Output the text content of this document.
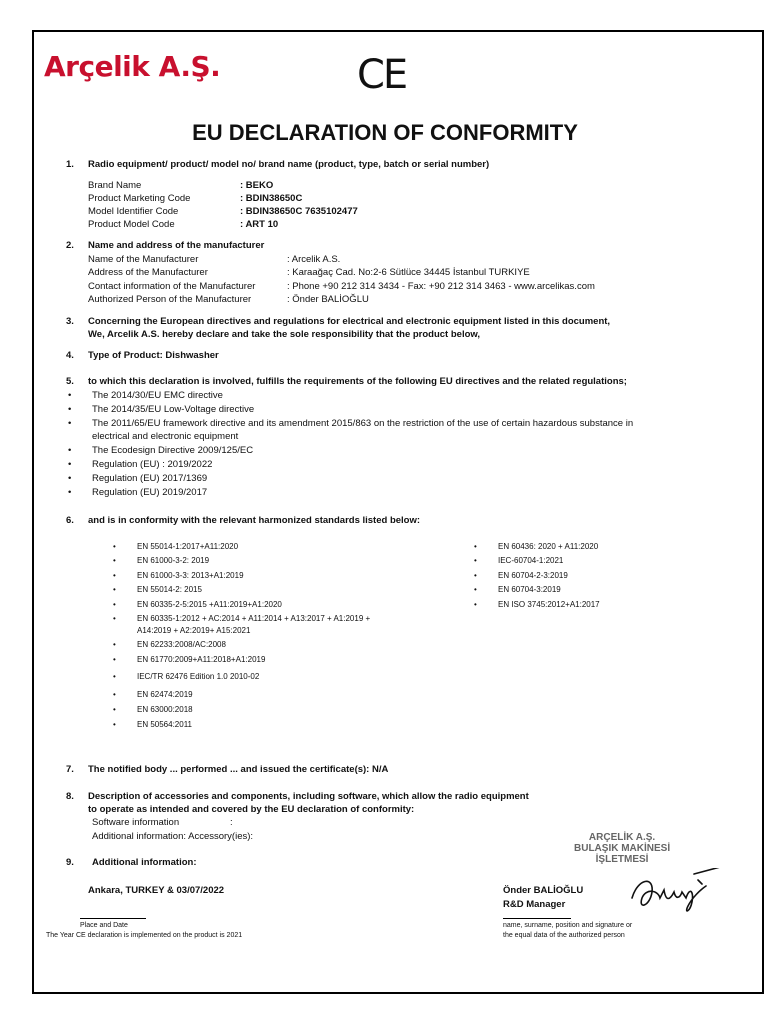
Arçelik A.Ş.	CE
EU DECLARATION OF CONFORMITY
1. Radio equipment/ product/ model no/ brand name (product, type, batch or serial number)
Brand Name	: BEKO
Product Marketing Code	: BDIN38650C
Model Identifier Code	: BDIN38650C 7635102477
Product Model Code	: ART 10
2. Name and address of the manufacturer
Name of the Manufacturer	: Arcelik A.S.
Address of the Manufacturer	: Karaağaç Cad. No:2-6 Sütlüce 34445 İstanbul TURKIYE
Contact information of the Manufacturer	: Phone +90 212 314 3434 - Fax: +90 212 314 3463 - www.arcelikas.com
Authorized Person of the Manufacturer	: Önder BALİOĞLU
3. Concerning the European directives and regulations for electrical and electronic equipment listed in this document,
We, Arcelik A.S. hereby declare and take the sole responsibility that the product below,
4. Type of Product: Dishwasher
5. to which this declaration is involved, fulfills the requirements of the following EU directives and the related regulations;
• The 2014/30/EU EMC directive
• The 2014/35/EU Low-Voltage directive
• The 2011/65/EU framework directive and its amendment 2015/863 on the restriction of the use of certain hazardous substance in
electrical and electronic equipment
• The Ecodesign Directive 2009/125/EC
• Regulation (EU) : 2019/2022
• Regulation (EU) 2017/1369
• Regulation (EU) 2019/2017
6. and is in conformity with the relevant harmonized standards listed below:
• EN 55014-1:2017+A11:2020
• EN 61000-3-2: 2019
• EN 61000-3-3: 2013+A1:2019
• EN 55014-2: 2015
• EN 60335-2-5:2015 +A11:2019+A1:2020
• EN 60335-1:2012 + AC:2014 + A11:2014 + A13:2017 + A1:2019 +
A14:2019 + A2:2019+ A15:2021
• EN 62233:2008/AC:2008
• EN 61770:2009+A11:2018+A1:2019
• IEC/TR 62476 Edition 1.0 2010-02
• EN 62474:2019
• EN 63000:2018
• EN 50564:2011
• EN 60436: 2020 + A11:2020
• IEC-60704-1:2021
• EN 60704-2-3:2019
• EN 60704-3:2019
• EN ISO 3745:2012+A1:2017
7. The notified body ... performed ... and issued the certificate(s): N/A
8. Description of accessories and components, including software, which allow the radio equipment
to operate as intended and covered by the EU declaration of conformity:
Software information	:
Additional information: Accessory(ies):
9. Additional information:
Ankara, TURKEY & 03/07/2022
Place and Date
The Year CE declaration is implemented on the product is 2021
Önder BALİOĞLU
R&D Manager
name, surname, position and signature or
the equal data of the authorized person
ARÇELİK A.Ş.
BULAŞIK MAKİNESİ
İŞLETMESİ
